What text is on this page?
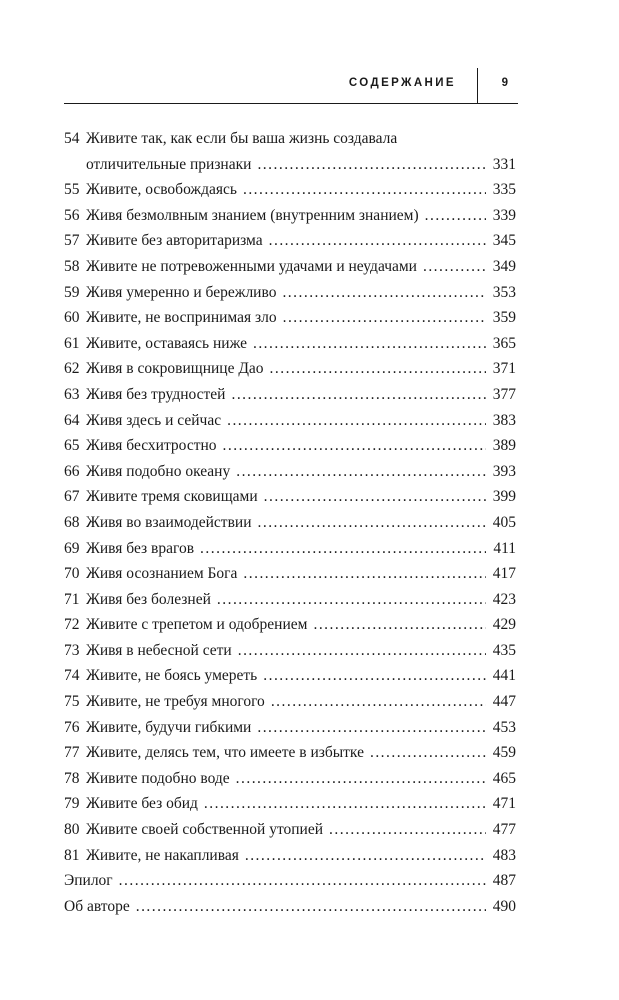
СОДЕРЖАНИЕ	9
54 Живите так, как если бы ваша жизнь создавала
отличительные признаки . . .	331
55 Живите, освобождаясь . . .	335
56 Живя безмолвным знанием (внутренним знанием) . . .	339
57 Живите без авторитаризма . . .	345
58 Живите не потревоженными удачами и неудачами . . .	349
59 Живя умеренно и бережливо . . .	353
60 Живите, не воспринимая зло . . .	359
61 Живите, оставаясь ниже . . .	365
62 Живя в сокровищнице Дао . . .	371
63 Живя без трудностей . . .	377
64 Живя здесь и сейчас . . .	383
65 Живя бесхитростно . . .	389
66 Живя подобно океану . . .	393
67 Живите тремя сковищами . . .	399
68 Живя во взаимодействии . . .	405
69 Живя без врагов . . .	411
70 Живя осознанием Бога . . .	417
71 Живя без болезней . . .	423
72 Живите с трепетом и одобрением . . .	429
73 Живя в небесной сети . . .	435
74 Живите, не боясь умереть . . .	441
75 Живите, не требуя многого . . .	447
76 Живите, будучи гибкими . . .	453
77 Живите, делясь тем, что имеете в избытке . . .	459
78 Живите подобно воде . . .	465
79 Живите без обид . . .	471
80 Живите своей собственной утопией . . .	477
81 Живите, не накапливая . . .	483
Эпилог . . .	487
Об авторе . . .	490
